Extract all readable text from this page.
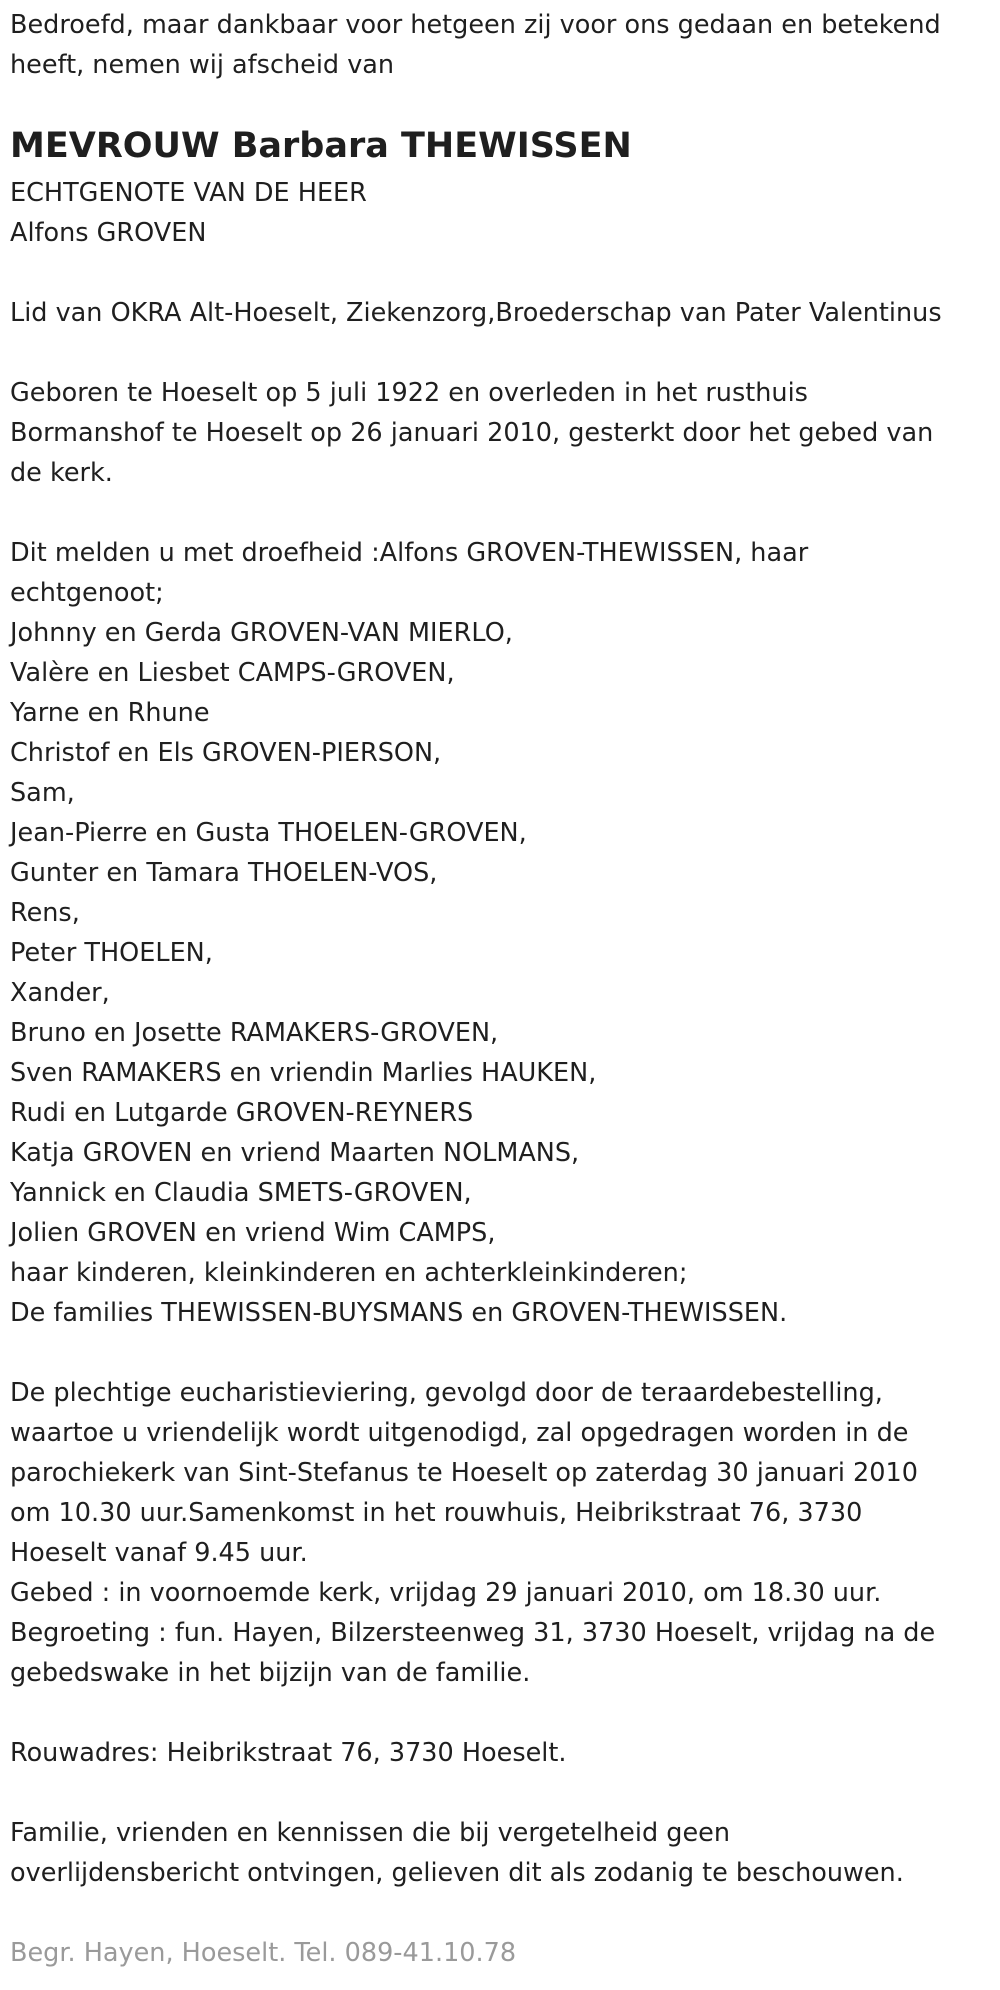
Bedroefd, maar dankbaar voor hetgeen zij voor ons gedaan en betekend
heeft, nemen wij afscheid van
MEVROUW Barbara THEWISSEN
ECHTGENOTE VAN DE HEER
Alfons GROVEN
Lid van OKRA Alt-Hoeselt, Ziekenzorg,Broederschap van Pater Valentinus
Geboren te Hoeselt op 5 juli 1922 en overleden in het rusthuis
Bormanshof te Hoeselt op 26 januari 2010, gesterkt door het gebed van
de kerk.
Dit melden u met droefheid :Alfons GROVEN-THEWISSEN, haar
echtgenoot;
Johnny en Gerda GROVEN-VAN MIERLO,
Valère en Liesbet CAMPS-GROVEN,
Yarne en Rhune
Christof en Els GROVEN-PIERSON,
Sam,
Jean-Pierre en Gusta THOELEN-GROVEN,
Gunter en Tamara THOELEN-VOS,
Rens,
Peter THOELEN,
Xander,
Bruno en Josette RAMAKERS-GROVEN,
Sven RAMAKERS en vriendin Marlies HAUKEN,
Rudi en Lutgarde GROVEN-REYNERS
Katja GROVEN en vriend Maarten NOLMANS,
Yannick en Claudia SMETS-GROVEN,
Jolien GROVEN en vriend Wim CAMPS,
haar kinderen, kleinkinderen en achterkleinkinderen;
De families THEWISSEN-BUYSMANS en GROVEN-THEWISSEN.
De plechtige eucharistieviering, gevolgd door de teraardebestelling,
waartoe u vriendelijk wordt uitgenodigd, zal opgedragen worden in de
parochiekerk van Sint-Stefanus te Hoeselt op zaterdag 30 januari 2010
om 10.30 uur.Samenkomst in het rouwhuis, Heibrikstraat 76, 3730
Hoeselt vanaf 9.45 uur.
Gebed : in voornoemde kerk, vrijdag 29 januari 2010, om 18.30 uur.
Begroeting : fun. Hayen, Bilzersteenweg 31, 3730 Hoeselt, vrijdag na de
gebedswake in het bijzijn van de familie.
Rouwadres: Heibrikstraat 76, 3730 Hoeselt.
Familie, vrienden en kennissen die bij vergetelheid geen
overlijdensbericht ontvingen, gelieven dit als zodanig te beschouwen.
Begr. Hayen, Hoeselt. Tel. 089-41.10.78
